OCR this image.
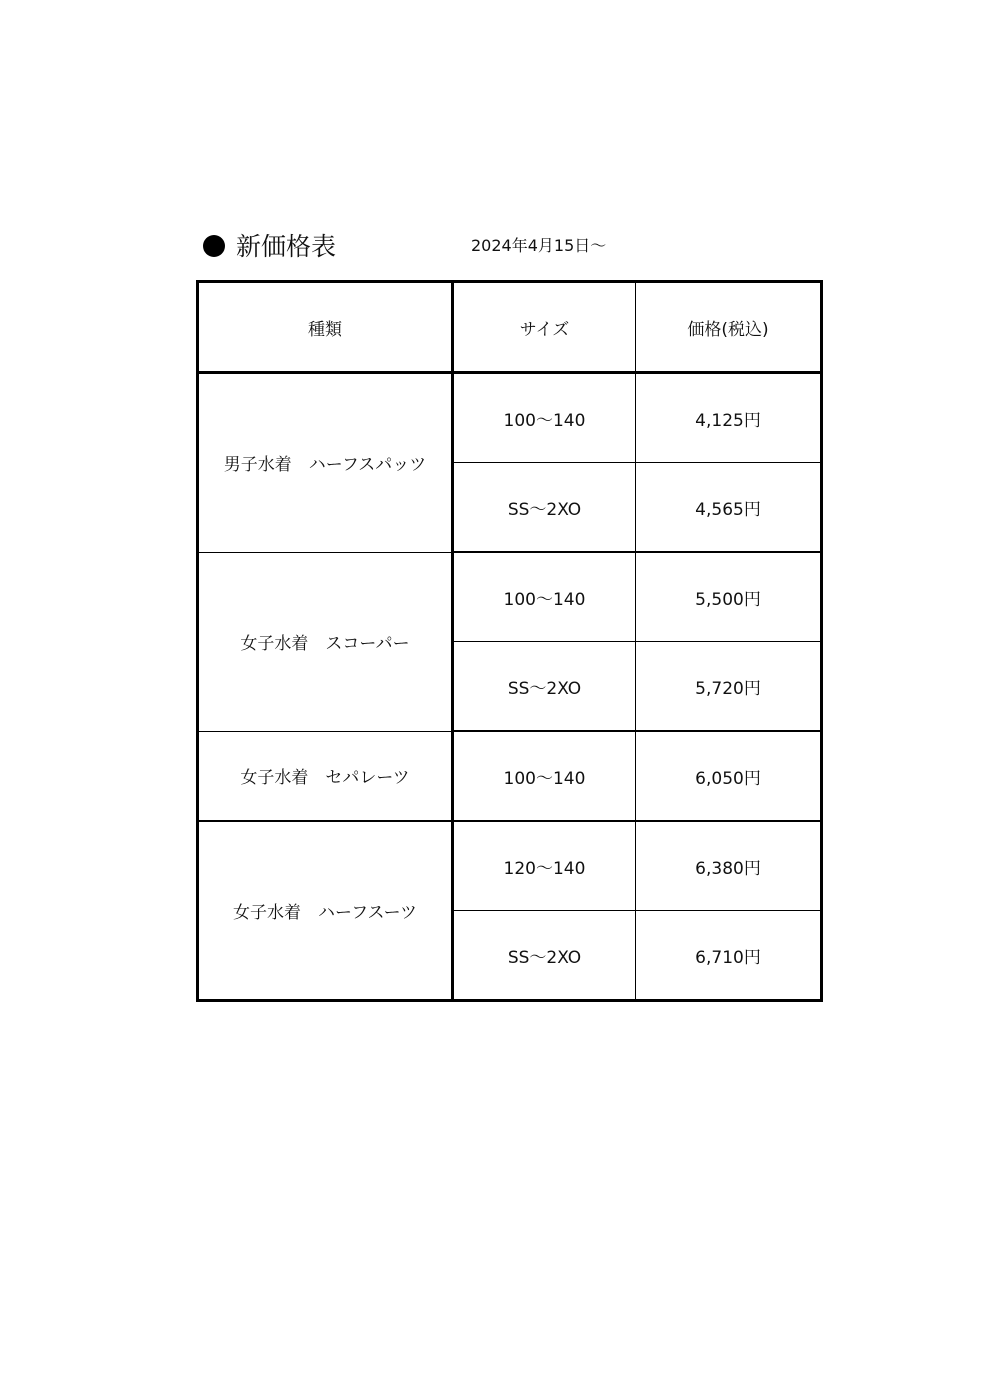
新価格表	2024年4月15日～
種類	サイズ	価格(税込)
男子水着　ハーフスパッツ	100～140	4,125円
	SS～2XO	4,565円
女子水着　スコーパー	100～140	5,500円
	SS～2XO	5,720円
女子水着　セパレーツ	100～140	6,050円
女子水着　ハーフスーツ	120～140	6,380円
	SS～2XO	6,710円
